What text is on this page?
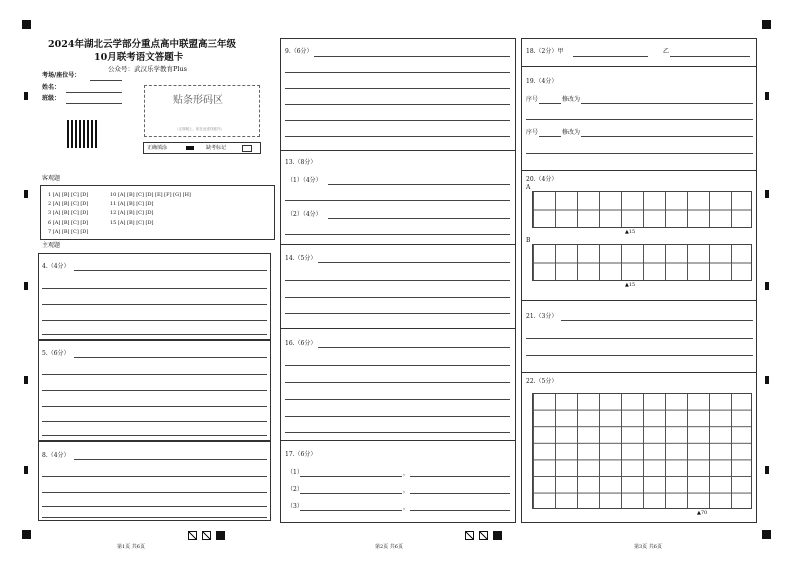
2024年湖北云学部分重点高中联盟高三年级
10月联考语文答题卡
公众号：武汉乐学教育Plus
考场/座位号：
姓名：
班级：	贴条形码区
（正面朝上，贴在此虚线框内）
正确填涂	缺考标记
客观题
1 [A] [B] [C] [D]
2 [A] [B] [C] [D]
3 [A] [B] [C] [D]
6 [A] [B] [C] [D]
7 [A] [B] [C] [D]
10 [A] [B] [C] [D] [E] [F] [G] [H]
11 [A] [B] [C] [D]
12 [A] [B] [C] [D]
15 [A] [B] [C] [D]
主观题
4.（4分）
5.（6分）
8.（4分）
第1页 共6页
9.（6分）
13.（8分）
（1）（4分）
（2）（4分）
14.（5分）
16.（6分）
17.（6分）
（1）	，
（2）	，
（3）	，
第2页 共6页
18.（2分）甲	乙
19.（4分）
序号	修改为
序号	修改为
20.（4分）
A
▲15
B
▲15
21.（3分）
22.（5分）
▲70
第3页 共6页
